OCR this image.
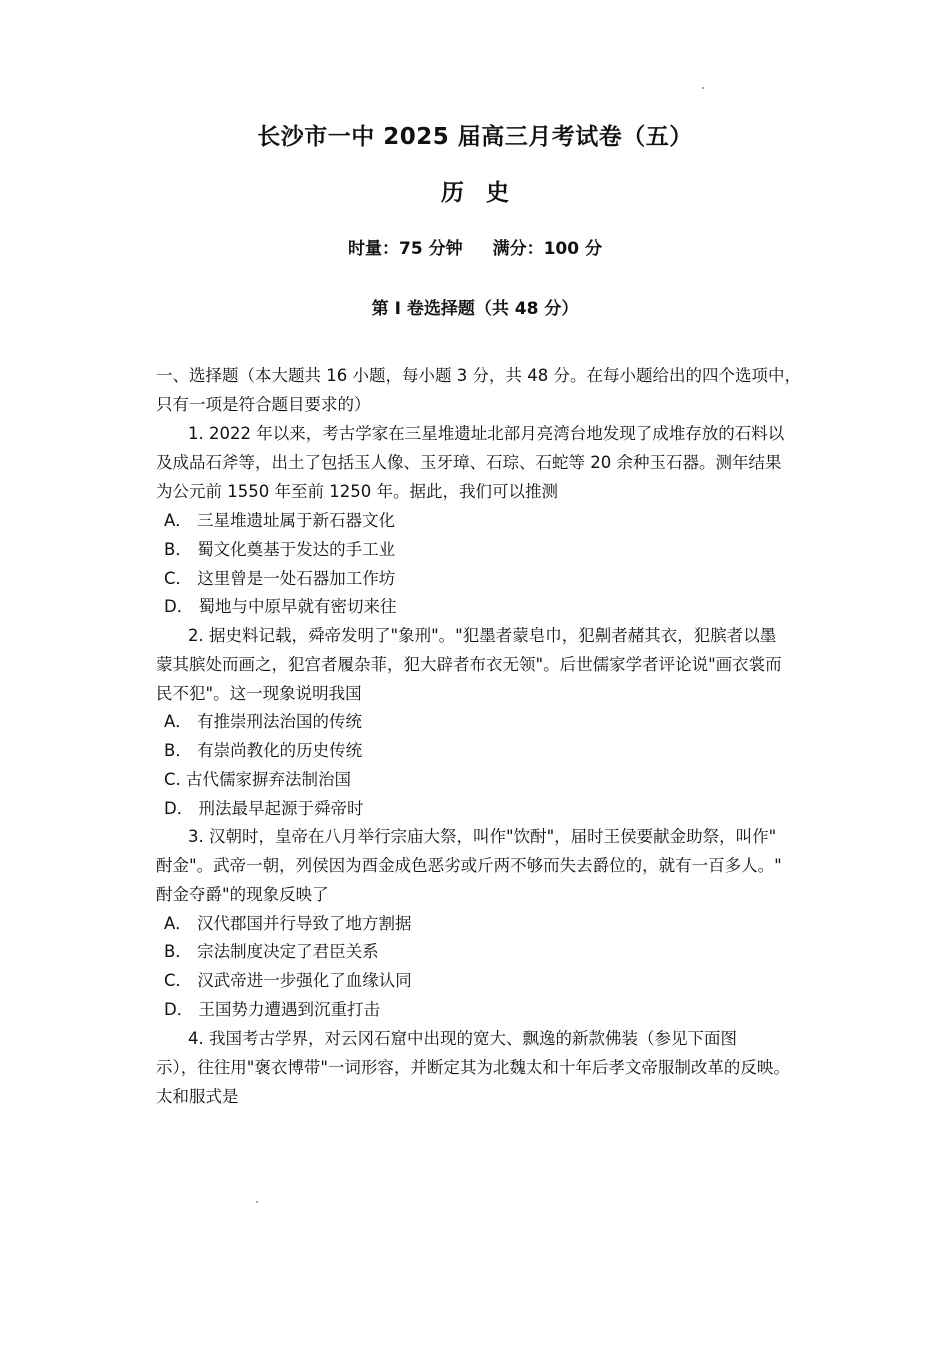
长沙市一中 2025 届高三月考试卷（五）
历史
时量：75 分钟 满分：100 分
第 Ⅰ 卷选择题（共 48 分）
一、选择题（本大题共 16 小题，每小题 3 分，共 48 分。在每小题给出的四个选项中，
只有一项是符合题目要求的）
1. 2022 年以来，考古学家在三星堆遗址北部月亮湾台地发现了成堆存放的石料以
及成品石斧等，出土了包括玉人像、玉牙璋、石琮、石蛇等 20 余种玉石器。测年结果
为公元前 1550 年至前 1250 年。据此，我们可以推测
A． 三星堆遗址属于新石器文化
B． 蜀文化奠基于发达的手工业
C． 这里曾是一处石器加工作坊
D． 蜀地与中原早就有密切来往
2. 据史料记载，舜帝发明了"象刑"。"犯墨者蒙皂巾，犯劓者赭其衣，犯膑者以墨
蒙其膑处而画之，犯宫者履杂菲，犯大辟者布衣无领"。后世儒家学者评论说"画衣裳而
民不犯"。这一现象说明我国
A． 有推崇刑法治国的传统
B． 有崇尚教化的历史传统
C. 古代儒家摒弃法制治国
D． 刑法最早起源于舜帝时
3. 汉朝时，皇帝在八月举行宗庙大祭，叫作"饮酎"，届时王侯要献金助祭，叫作"
酎金"。武帝一朝，列侯因为酉金成色恶劣或斤两不够而失去爵位的，就有一百多人。"
酎金夺爵"的现象反映了
A． 汉代郡国并行导致了地方割据
B． 宗法制度决定了君臣关系
C． 汉武帝进一步强化了血缘认同
D． 王国势力遭遇到沉重打击
4. 我国考古学界，对云冈石窟中出现的宽大、飘逸的新款佛装（参见下面图
示），往往用"褒衣博带"一词形容，并断定其为北魏太和十年后孝文帝服制改革的反映。
太和服式是
